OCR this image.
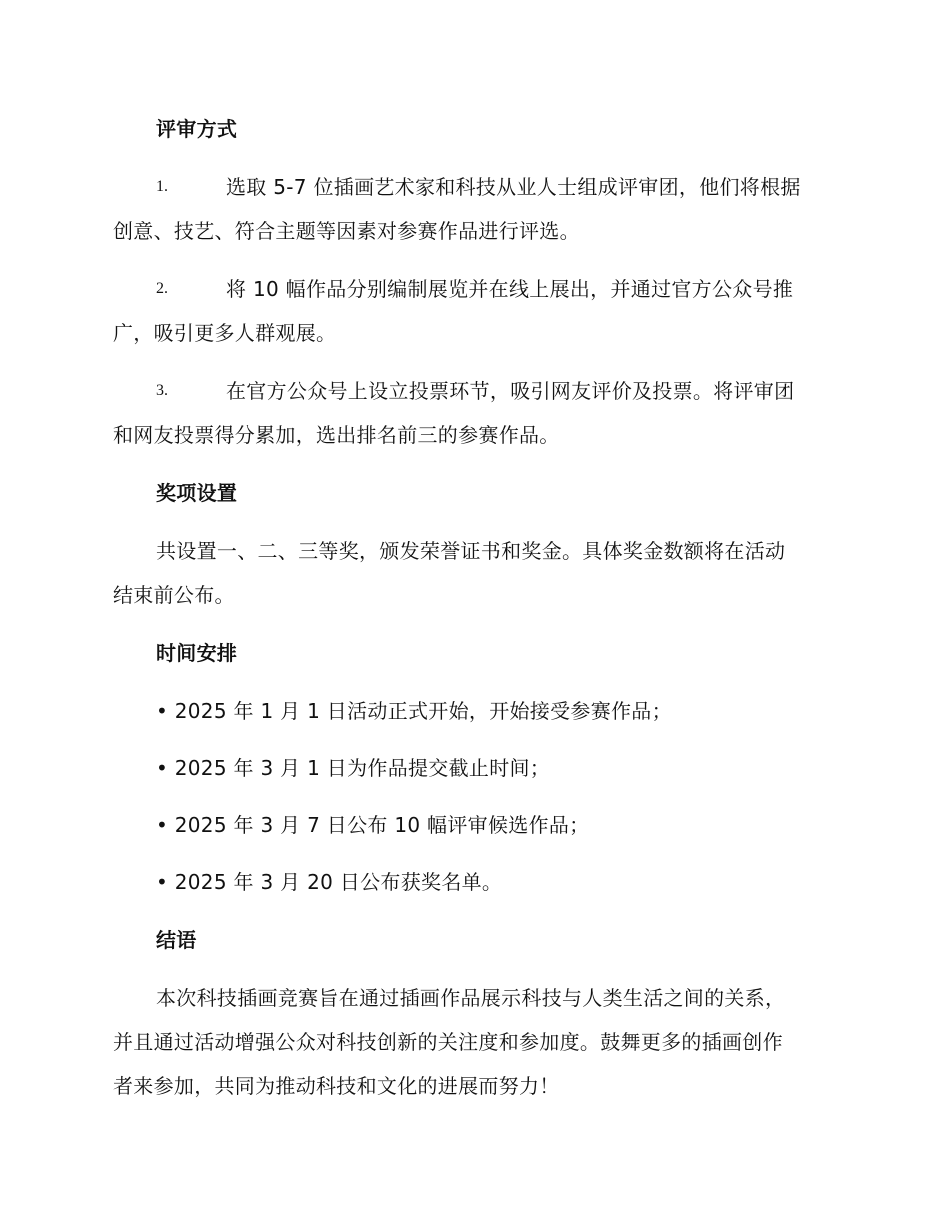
评审方式
1.	选取 5-7 位插画艺术家和科技从业人士组成评审团，他们将根据
创意、技艺、符合主题等因素对参赛作品进行评选。
2.	将 10 幅作品分别编制展览并在线上展出，并通过官方公众号推
广，吸引更多人群观展。
3.	在官方公众号上设立投票环节，吸引网友评价及投票。将评审团
和网友投票得分累加，选出排名前三的参赛作品。
奖项设置
共设置一、二、三等奖，颁发荣誉证书和奖金。具体奖金数额将在活动
结束前公布。
时间安排
• 2025 年 1 月 1 日活动正式开始，开始接受参赛作品；
• 2025 年 3 月 1 日为作品提交截止时间；
• 2025 年 3 月 7 日公布 10 幅评审候选作品；
• 2025 年 3 月 20 日公布获奖名单。
结语
本次科技插画竞赛旨在通过插画作品展示科技与人类生活之间的关系，
并且通过活动增强公众对科技创新的关注度和参加度。鼓舞更多的插画创作
者来参加，共同为推动科技和文化的进展而努力！
